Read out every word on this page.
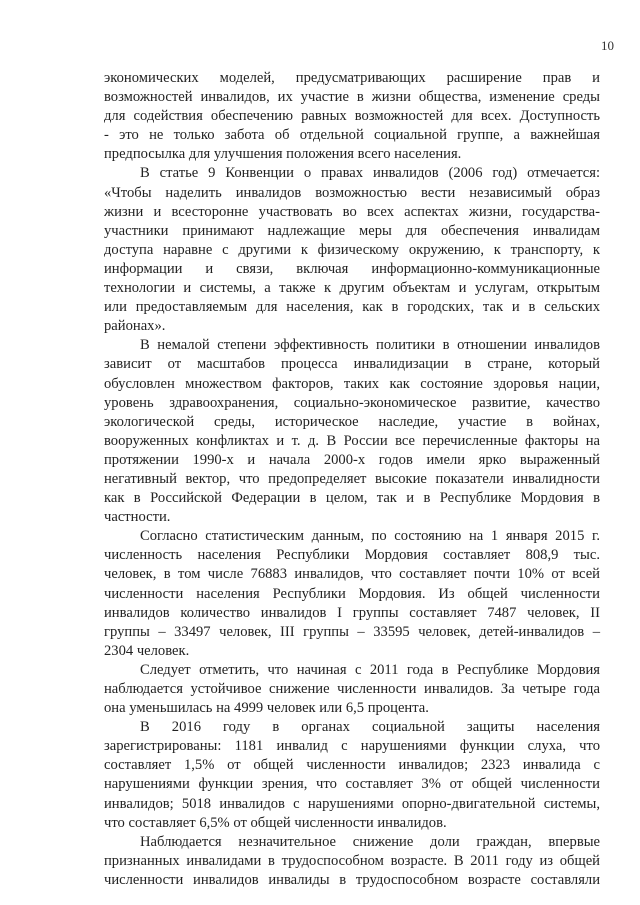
10
экономических моделей, предусматривающих расширение прав и
возможностей инвалидов, их участие в жизни общества, изменение среды
для содействия обеспечению равных возможностей для всех. Доступность
- это не только забота об отдельной социальной группе, а важнейшая
предпосылка для улучшения положения всего населения.
В статье 9 Конвенции о правах инвалидов (2006 год) отмечается:
«Чтобы наделить инвалидов возможностью вести независимый образ
жизни и всесторонне участвовать во всех аспектах жизни, государства-
участники принимают надлежащие меры для обеспечения инвалидам
доступа наравне с другими к физическому окружению, к транспорту, к
информации и связи, включая информационно-коммуникационные
технологии и системы, а также к другим объектам и услугам, открытым
или предоставляемым для населения, как в городских, так и в сельских
районах».
В немалой степени эффективность политики в отношении инвалидов
зависит от масштабов процесса инвалидизации в стране, который
обусловлен множеством факторов, таких как состояние здоровья нации,
уровень здравоохранения, социально-экономическое развитие, качество
экологической среды, историческое наследие, участие в войнах,
вооруженных конфликтах и т. д. В России все перечисленные факторы на
протяжении 1990-х и начала 2000-х годов имели ярко выраженный
негативный вектор, что предопределяет высокие показатели инвалидности
как в Российской Федерации в целом, так и в Республике Мордовия в
частности.
Согласно статистическим данным, по состоянию на 1 января 2015 г.
численность населения Республики Мордовия составляет 808,9 тыс.
человек, в том числе 76883 инвалидов, что составляет почти 10% от всей
численности населения Республики Мордовия. Из общей численности
инвалидов количество инвалидов I группы составляет 7487 человек, II
группы – 33497 человек, III группы – 33595 человек, детей-инвалидов –
2304 человек.
Следует отметить, что начиная с 2011 года в Республике Мордовия
наблюдается устойчивое снижение численности инвалидов. За четыре года
она уменьшилась на 4999 человек или 6,5 процента.
В 2016 году в органах социальной защиты населения
зарегистрированы: 1181 инвалид с нарушениями функции слуха, что
составляет 1,5% от общей численности инвалидов; 2323 инвалида с
нарушениями функции зрения, что составляет 3% от общей численности
инвалидов; 5018 инвалидов с нарушениями опорно-двигательной системы,
что составляет 6,5% от общей численности инвалидов.
Наблюдается незначительное снижение доли граждан, впервые
признанных инвалидами в трудоспособном возрасте. В 2011 году из общей
численности инвалидов инвалиды в трудоспособном возрасте составляли
